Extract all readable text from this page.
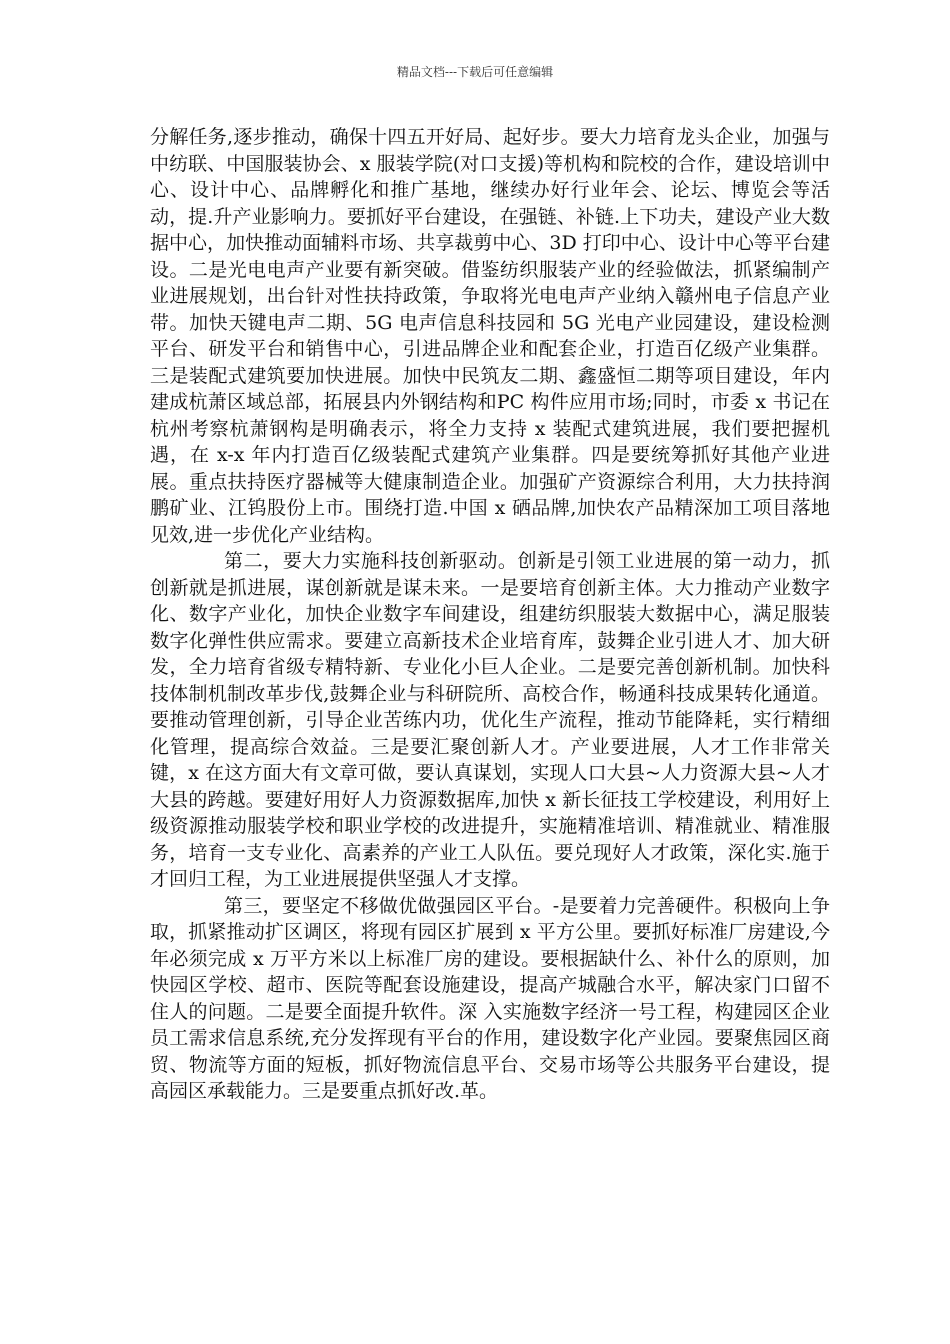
精品文档---下载后可任意编辑

分解任务,逐步推动，确保十四五开好局、起好步。要大力培育龙头企业，加强与中纺联、中国服装协会、x 服装学院(对口支援)等机构和院校的合作，建设培训中心、设计中心、品牌孵化和推广基地，继续办好行业年会、论坛、博览会等活动，提.升产业影响力。要抓好平台建设，在强链、补链.上下功夫，建设产业大数据中心，加快推动面辅料市场、共享裁剪中心、3D 打印中心、设计中心等平台建设。二是光电电声产业要有新突破。借鉴纺织服装产业的经验做法，抓紧编制产业进展规划，出台针对性扶持政策，争取将光电电声产业纳入赣州电子信息产业带。加快天键电声二期、5G 电声信息科技园和 5G 光电产业园建设，建设检测平台、研发平台和销售中心，引进品牌企业和配套企业，打造百亿级产业集群。三是装配式建筑要加快进展。加快中民筑友二期、鑫盛恒二期等项目建设，年内建成杭萧区域总部，拓展县内外钢结构和PC 构件应用市场;同时，市委 x 书记在杭州考察杭萧钢构是明确表示，将全力支持 x 装配式建筑进展，我们要把握机遇，在 x-x 年内打造百亿级装配式建筑产业集群。四是要统筹抓好其他产业进展。重点扶持医疗器械等大健康制造企业。加强矿产资源综合利用，大力扶持润鹏矿业、江钨股份上市。围绕打造.中国 x 硒品牌,加快农产品精深加工项目落地见效,进一步优化产业结构。

第二，要大力实施科技创新驱动。创新是引领工业进展的第一动力，抓创新就是抓进展，谋创新就是谋未来。一是要培育创新主体。大力推动产业数字化、数字产业化，加快企业数字车间建设，组建纺织服装大数据中心，满足服装数字化弹性供应需求。要建立高新技术企业培育库，鼓舞企业引进人才、加大研发，全力培育省级专精特新、专业化小巨人企业。二是要完善创新机制。加快科技体制机制改革步伐,鼓舞企业与科研院所、高校合作，畅通科技成果转化通道。要推动管理创新，引导企业苦练内功，优化生产流程，推动节能降耗，实行精细化管理，提高综合效益。三是要汇聚创新人才。产业要进展，人才工作非常关键，x 在这方面大有文章可做，要认真谋划，实现人口大县~人力资源大县~人才大县的跨越。要建好用好人力资源数据库,加快 x 新长征技工学校建设，利用好上级资源推动服装学校和职业学校的改进提升，实施精准培训、精准就业、精准服务，培育一支专业化、高素养的产业工人队伍。要兑现好人才政策，深化实.施于才回归工程，为工业进展提供坚强人才支撑。

第三，要坚定不移做优做强园区平台。-是要着力完善硬件。积极向上争取，抓紧推动扩区调区，将现有园区扩展到 x 平方公里。要抓好标准厂房建设,今年必须完成 x 万平方米以上标准厂房的建设。要根据缺什么、补什么的原则，加快园区学校、超市、医院等配套设施建设，提高产城融合水平，解决家门口留不住人的问题。二是要全面提升软件。深 入实施数字经济一号工程，构建园区企业员工需求信息系统,充分发挥现有平台的作用，建设数字化产业园。要聚焦园区商贸、物流等方面的短板，抓好物流信息平台、交易市场等公共服务平台建设，提高园区承载能力。三是要重点抓好改.革。
